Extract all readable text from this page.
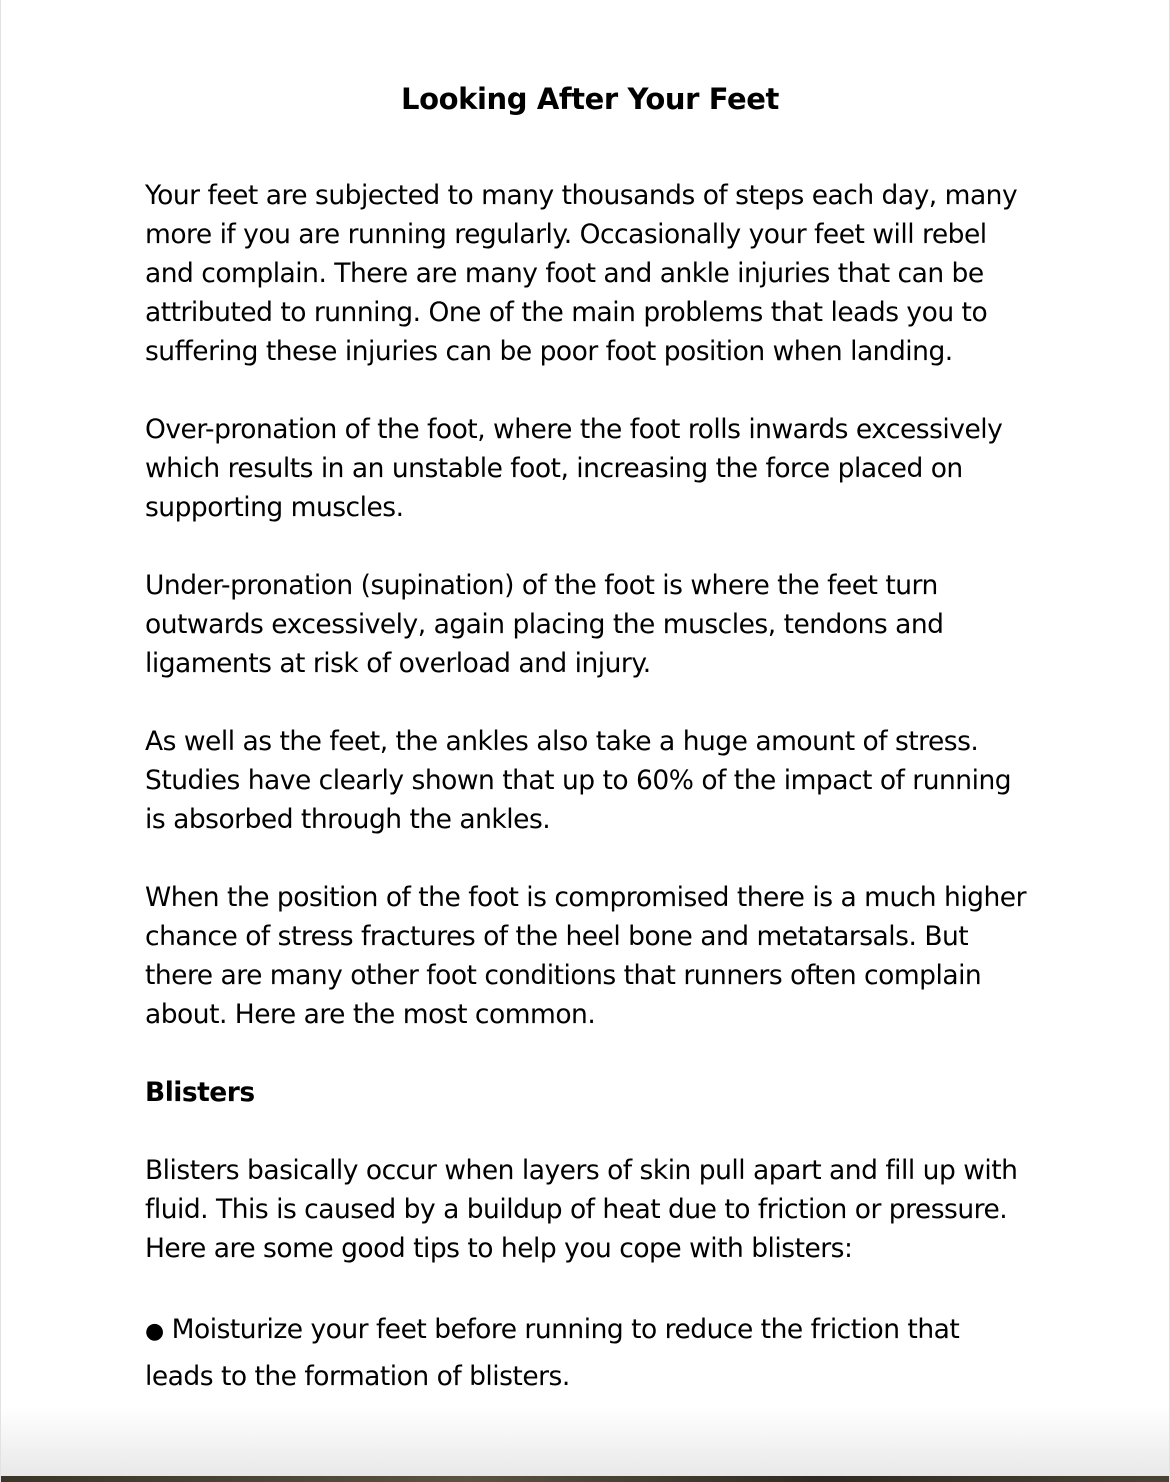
Looking After Your Feet

Your feet are subjected to many thousands of steps each day, many more if you are running regularly. Occasionally your feet will rebel and complain. There are many foot and ankle injuries that can be attributed to running. One of the main problems that leads you to suffering these injuries can be poor foot position when landing.

Over-pronation of the foot, where the foot rolls inwards excessively which results in an unstable foot, increasing the force placed on supporting muscles.

Under-pronation (supination) of the foot is where the feet turn outwards excessively, again placing the muscles, tendons and ligaments at risk of overload and injury.

As well as the feet, the ankles also take a huge amount of stress. Studies have clearly shown that up to 60% of the impact of running is absorbed through the ankles.

When the position of the foot is compromised there is a much higher chance of stress fractures of the heel bone and metatarsals. But there are many other foot conditions that runners often complain about. Here are the most common.

Blisters

Blisters basically occur when layers of skin pull apart and fill up with fluid. This is caused by a buildup of heat due to friction or pressure. Here are some good tips to help you cope with blisters:

● Moisturize your feet before running to reduce the friction that leads to the formation of blisters.
